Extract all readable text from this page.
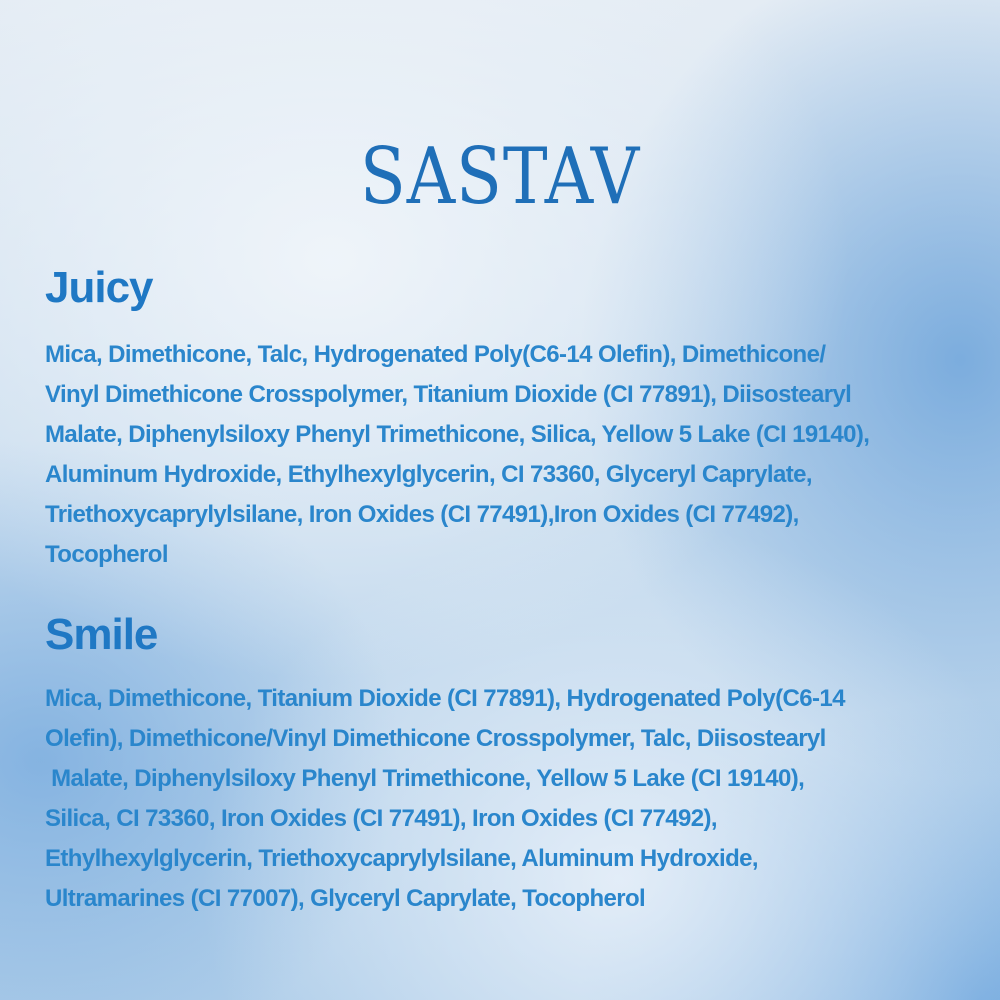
SASTAV
Juicy

Mica, Dimethicone, Talc, Hydrogenated Poly(C6-14 Olefin), Dimethicone/
Vinyl Dimethicone Crosspolymer, Titanium Dioxide (CI 77891), Diisostearyl
Malate, Diphenylsiloxy Phenyl Trimethicone, Silica, Yellow 5 Lake (CI 19140),
Aluminum Hydroxide, Ethylhexylglycerin, CI 73360, Glyceryl Caprylate,
Triethoxycaprylylsilane, Iron Oxides (CI 77491),Iron Oxides (CI 77492),
Tocopherol

Smile

Mica, Dimethicone, Titanium Dioxide (CI 77891), Hydrogenated Poly(C6-14
Olefin), Dimethicone/Vinyl Dimethicone Crosspolymer, Talc, Diisostearyl
Malate, Diphenylsiloxy Phenyl Trimethicone, Yellow 5 Lake (CI 19140),
Silica, CI 73360, Iron Oxides (CI 77491), Iron Oxides (CI 77492),
Ethylhexylglycerin, Triethoxycaprylylsilane, Aluminum Hydroxide,
Ultramarines (CI 77007), Glyceryl Caprylate, Tocopherol
